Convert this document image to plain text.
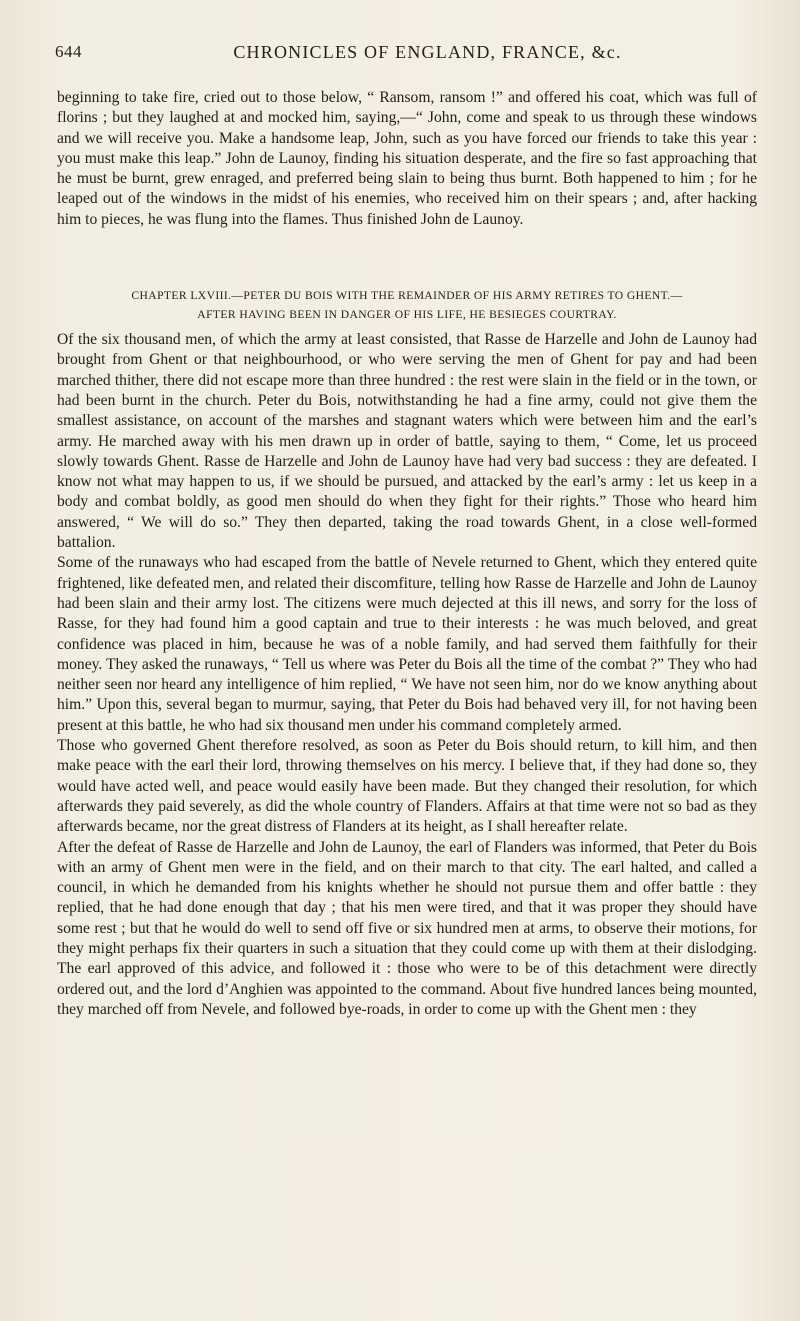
644	CHRONICLES OF ENGLAND, FRANCE, &c.

beginning to take fire, cried out to those below, “ Ransom, ransom !” and offered his coat, which was full of florins ; but they laughed at and mocked him, saying,—“ John, come and speak to us through these windows and we will receive you. Make a handsome leap, John, such as you have forced our friends to take this year : you must make this leap.” John de Launoy, finding his situation desperate, and the fire so fast approaching that he must be burnt, grew enraged, and preferred being slain to being thus burnt. Both happened to him ; for he leaped out of the windows in the midst of his enemies, who received him on their spears ; and, after hacking him to pieces, he was flung into the flames. Thus finished John de Launoy.

CHAPTER LXVIII.—PETER DU BOIS WITH THE REMAINDER OF HIS ARMY RETIRES TO GHENT.—
AFTER HAVING BEEN IN DANGER OF HIS LIFE, HE BESIEGES COURTRAY.

Of the six thousand men, of which the army at least consisted, that Rasse de Harzelle and John de Launoy had brought from Ghent or that neighbourhood, or who were serving the men of Ghent for pay and had been marched thither, there did not escape more than three hundred : the rest were slain in the field or in the town, or had been burnt in the church. Peter du Bois, notwithstanding he had a fine army, could not give them the smallest assistance, on account of the marshes and stagnant waters which were between him and the earl’s army. He marched away with his men drawn up in order of battle, saying to them, “ Come, let us proceed slowly towards Ghent. Rasse de Harzelle and John de Launoy have had very bad success : they are defeated. I know not what may happen to us, if we should be pursued, and attacked by the earl’s army : let us keep in a body and combat boldly, as good men should do when they fight for their rights.” Those who heard him answered, “ We will do so.” They then departed, taking the road towards Ghent, in a close well-formed battalion.

Some of the runaways who had escaped from the battle of Nevele returned to Ghent, which they entered quite frightened, like defeated men, and related their discomfiture, telling how Rasse de Harzelle and John de Launoy had been slain and their army lost. The citizens were much dejected at this ill news, and sorry for the loss of Rasse, for they had found him a good captain and true to their interests : he was much beloved, and great confidence was placed in him, because he was of a noble family, and had served them faithfully for their money. They asked the runaways, “ Tell us where was Peter du Bois all the time of the combat ?” They who had neither seen nor heard any intelligence of him replied, “ We have not seen him, nor do we know anything about him.” Upon this, several began to murmur, saying, that Peter du Bois had behaved very ill, for not having been present at this battle, he who had six thousand men under his command completely armed.

Those who governed Ghent therefore resolved, as soon as Peter du Bois should return, to kill him, and then make peace with the earl their lord, throwing themselves on his mercy. I believe that, if they had done so, they would have acted well, and peace would easily have been made. But they changed their resolution, for which afterwards they paid severely, as did the whole country of Flanders. Affairs at that time were not so bad as they afterwards became, nor the great distress of Flanders at its height, as I shall hereafter relate.

After the defeat of Rasse de Harzelle and John de Launoy, the earl of Flanders was informed, that Peter du Bois with an army of Ghent men were in the field, and on their march to that city. The earl halted, and called a council, in which he demanded from his knights whether he should not pursue them and offer battle : they replied, that he had done enough that day ; that his men were tired, and that it was proper they should have some rest ; but that he would do well to send off five or six hundred men at arms, to observe their motions, for they might perhaps fix their quarters in such a situation that they could come up with them at their dislodging. The earl approved of this advice, and followed it : those who were to be of this detachment were directly ordered out, and the lord d’Anghien was appointed to the command. About five hundred lances being mounted, they marched off from Nevele, and followed bye-roads, in order to come up with the Ghent men : they
